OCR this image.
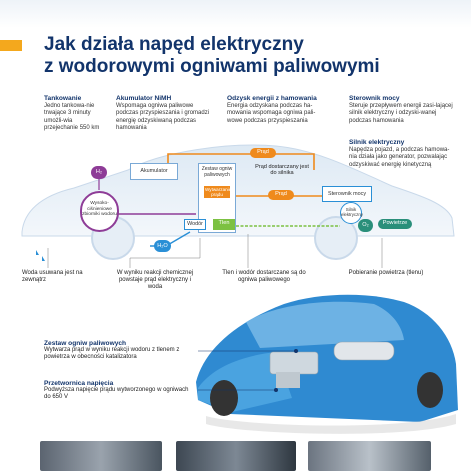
Jak działa napęd elektryczny
z wodorowymi ogniwami paliwowymi
Tankowanie
Jedno tankowa-nie trwające 3 minuty umożli-wia przejechanie 550 km
Akumulator NiMH
Wspomaga ogniwa paliwowe podczas przyspieszania i gromadzi energię odzyskiwaną podczas hamowania
Odzysk energii z hamowania
Energia odzyskana podczas ha-mowania wspomaga ogniwa pali-wowe podczas przyspieszania
Sterownik mocy
Steruje przepływem energii zasi-lającej silnik elektryczny i odzyski-wanej podczas hamowania
Silnik elektryczny
Napędza pojazd, a podczas hamowa-nia działa jako generator, pozwalając odzyskiwać energię kinetyczną
H₂
Wysoko-ciśnieniowe zbiorniki wodoru
Akumulator	Zestaw ogniw paliwowych
Wytwarzanie prądu
Wodór	Tlen
Prąd
Prąd
Prąd dostarczany jest do silnika
Sterownik mocy
Silnik elektryczny
O₂	Powietrze
H₂O
Woda usuwana jest na zewnątrz
W wyniku reakcji chemicznej powstaje prąd elektryczny i woda
Tlen i wodór dostarczane są do ogniwa paliwowego
Pobieranie powietrza (tlenu)
Zestaw ogniw paliwowych
Wytwarza prąd w wyniku reakcji wodoru z tlenem z powietrza w obecności katalizatora
Przetwornica napięcia
Podwyższa napięcie prądu wytworzonego w ogniwach do 650 V
